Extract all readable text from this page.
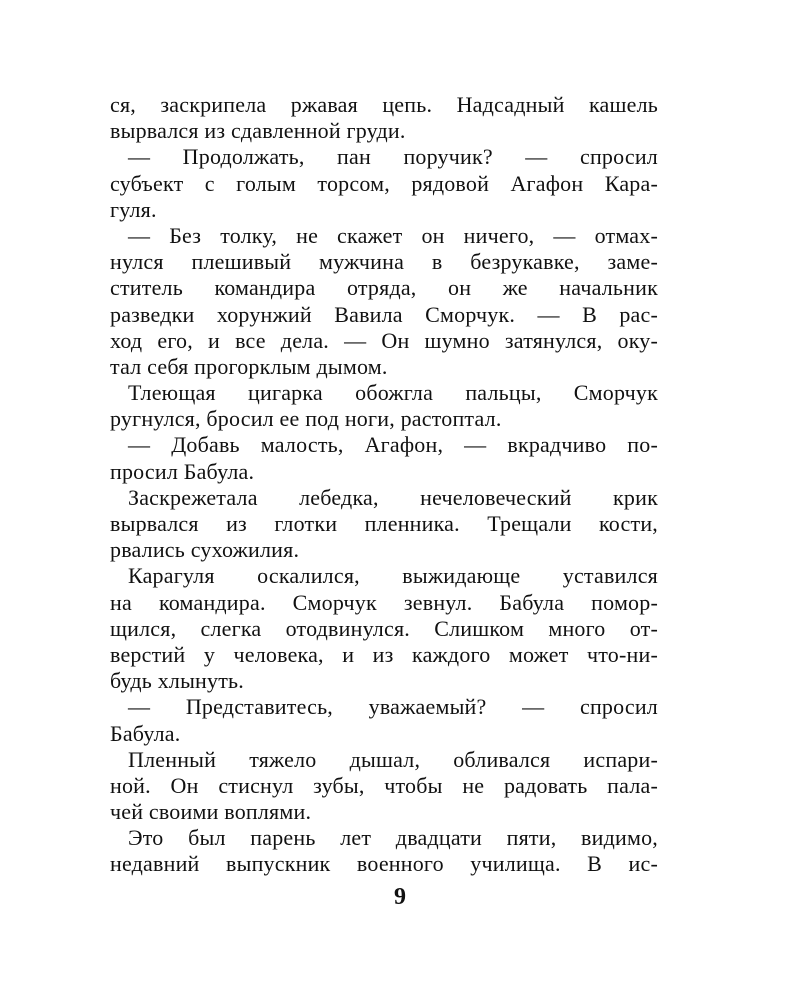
ся, заскрипела ржавая цепь. Надсадный кашель
вырвался из сдавленной груди.
— Продолжать, пан поручик? — спросил
субъект с голым торсом, рядовой Агафон Кара-
гуля.
— Без толку, не скажет он ничего, — отмах-
нулся плешивый мужчина в безрукавке, замe-
ститель командира отряда, он же начальник
разведки хорунжий Вавила Сморчук. — В рас-
ход его, и все дела. — Он шумно затянулся, оку-
тал себя прогорклым дымом.
Тлеющая цигарка обожгла пальцы, Сморчук
ругнулся, бросил ее под ноги, растоптал.
— Добавь малость, Агафон, — вкрадчиво по-
просил Бабула.
Заскрежетала лебедка, нечеловеческий крик
вырвался из глотки пленника. Трещали кости,
рвались сухожилия.
Карагуля оскалился, выжидающе уставился
на командира. Сморчук зевнул. Бабула помор-
щился, слегка отодвинулся. Слишком много от-
верстий у человека, и из каждого может что-ни-
будь хлынуть.
— Представитесь, уважаемый? — спросил
Бабула.
Пленный тяжело дышал, обливался испари-
ной. Он стиснул зубы, чтобы не радовать пала-
чей своими воплями.
Это был парень лет двадцати пяти, видимо,
недавний выпускник военного училища. В ис-
9
